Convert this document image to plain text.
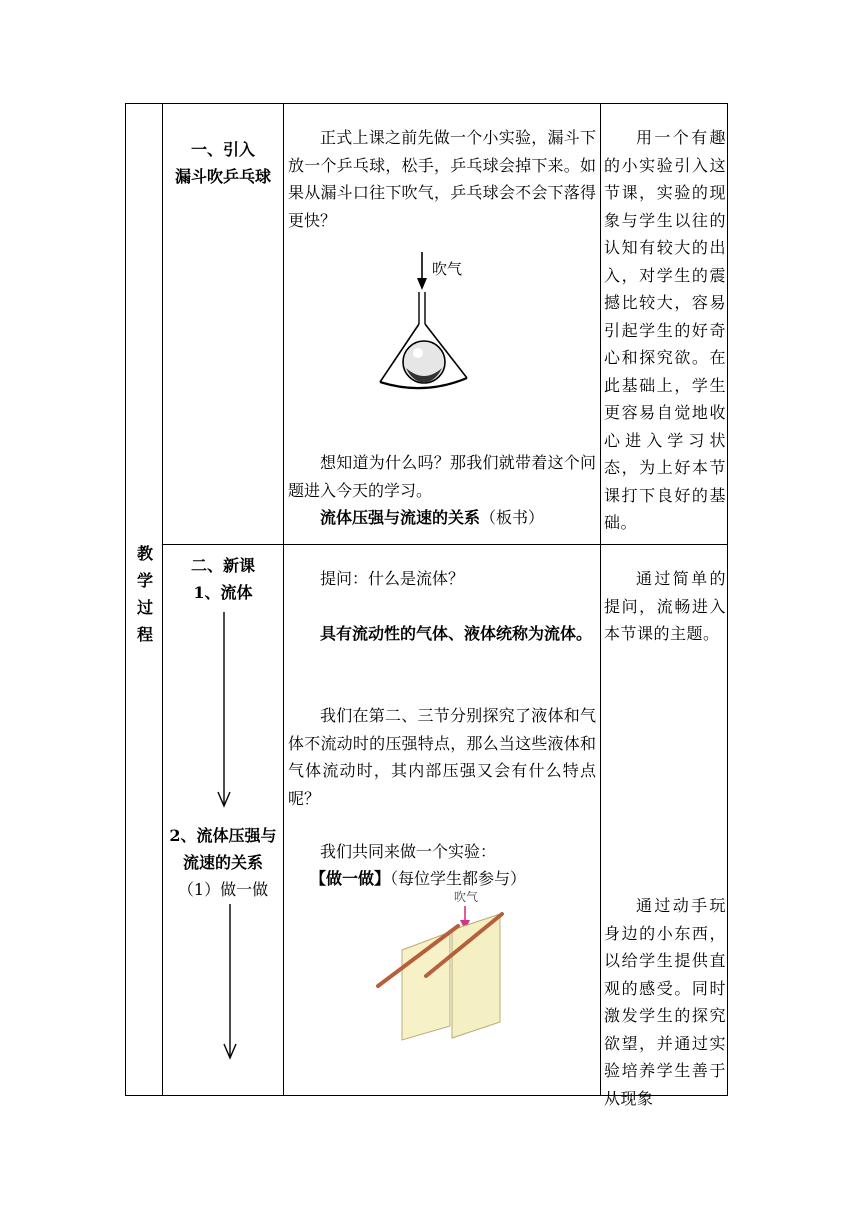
教
学
过
程
一、引入
漏斗吹乒乓球

正式上课之前先做一个小实验，漏斗下放一个乒乓球，松手，乒乓球会掉下来。如果从漏斗口往下吹气，乒乓球会不会下落得更快？

吹气

想知道为什么吗？那我们就带着这个问题进入今天的学习。

流体压强与流速的关系（板书）

用一个有趣的小实验引入这节课，实验的现象与学生以往的认知有较大的出入，对学生的震撼比较大，容易引起学生的好奇心和探究欲。在此基础上，学生更容易自觉地收心进入学习状态，为上好本节课打下良好的基础。

二、新课
1、流体
2、流体压强与
流速的关系
（1）做一做

提问：什么是流体？

具有流动性的气体、液体统称为流体。

我们在第二、三节分别探究了液体和气体不流动时的压强特点，那么当这些液体和气体流动时，其内部压强又会有什么特点呢？

我们共同来做一个实验：

【做一做】（每位学生都参与）

吹气

通过简单的提问，流畅进入本节课的主题。

通过动手玩身边的小东西，以给学生提供直观的感受。同时激发学生的探究欲望，并通过实验培养学生善于从现象
